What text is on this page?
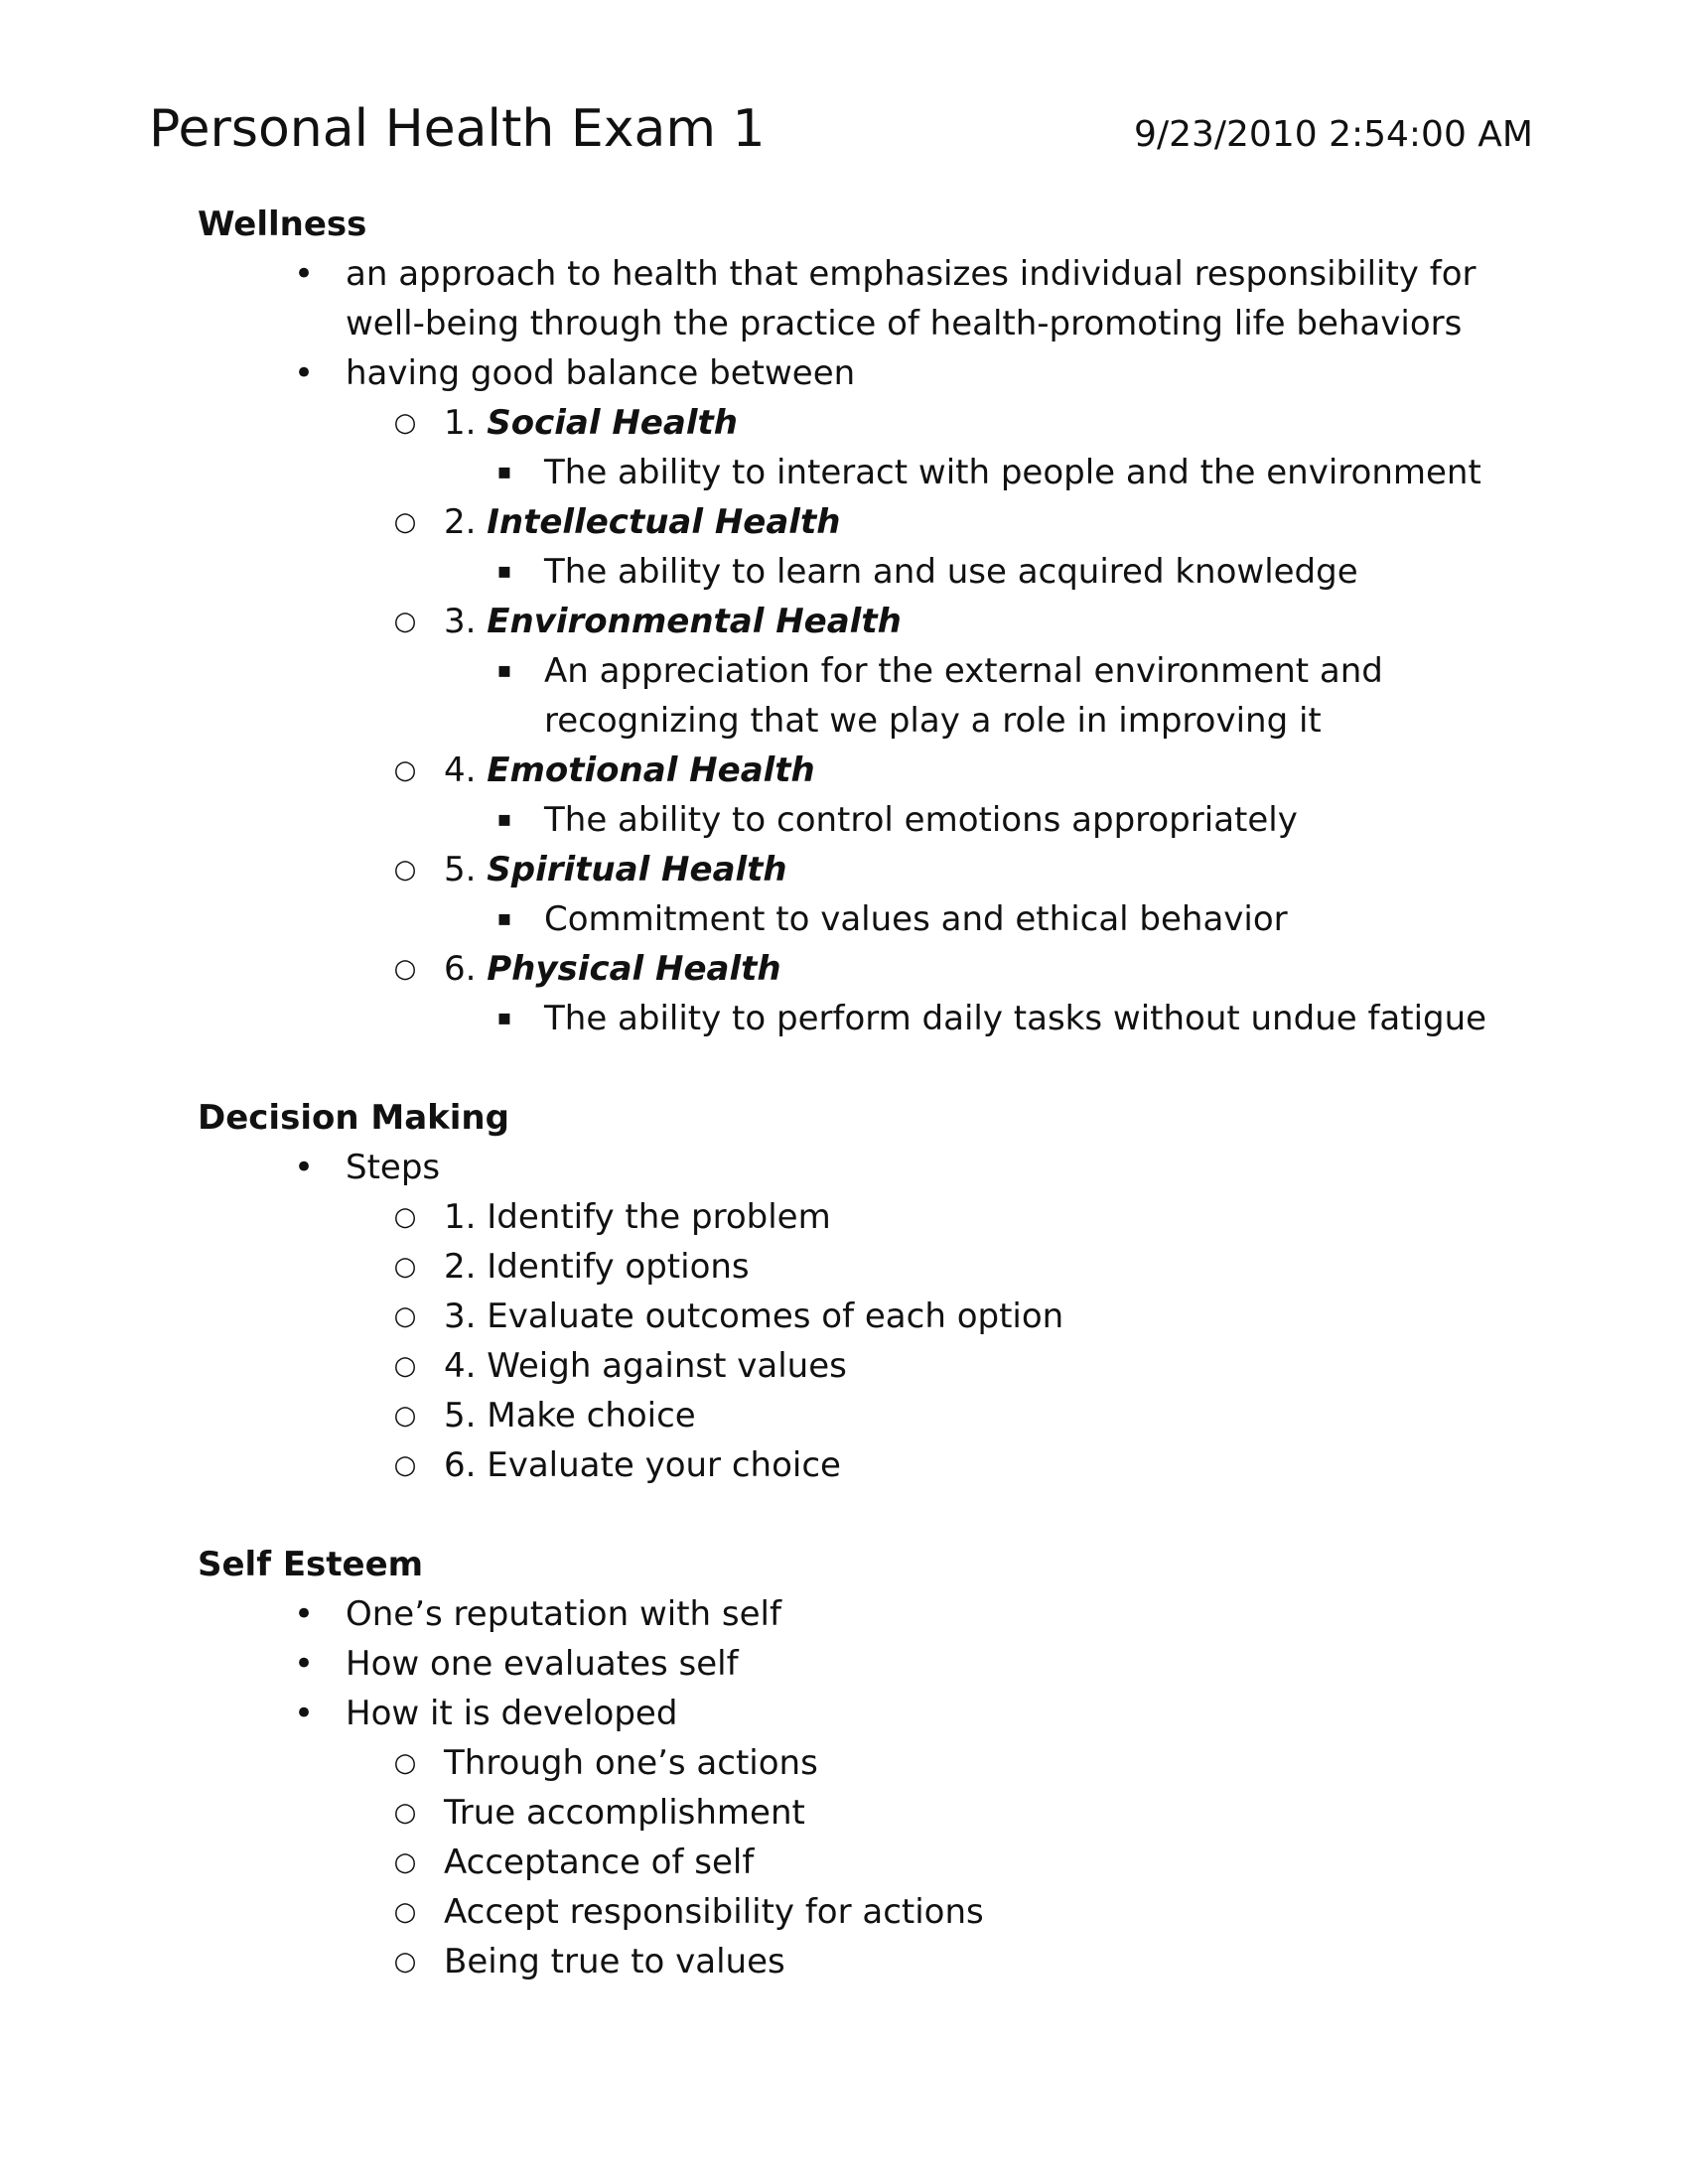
Personal Health Exam 1	9/23/2010 2:54:00 AM
Wellness
• an approach to health that emphasizes individual responsibility for
well-being through the practice of health-promoting life behaviors
• having good balance between
○ 1. Social Health
▪ The ability to interact with people and the environment
○ 2. Intellectual Health
▪ The ability to learn and use acquired knowledge
○ 3. Environmental Health
▪ An appreciation for the external environment and
recognizing that we play a role in improving it
○ 4. Emotional Health
▪ The ability to control emotions appropriately
○ 5. Spiritual Health
▪ Commitment to values and ethical behavior
○ 6. Physical Health
▪ The ability to perform daily tasks without undue fatigue
Decision Making
• Steps
○ 1. Identify the problem
○ 2. Identify options
○ 3. Evaluate outcomes of each option
○ 4. Weigh against values
○ 5. Make choice
○ 6. Evaluate your choice
Self Esteem
• One’s reputation with self
• How one evaluates self
• How it is developed
○ Through one’s actions
○ True accomplishment
○ Acceptance of self
○ Accept responsibility for actions
○ Being true to values
